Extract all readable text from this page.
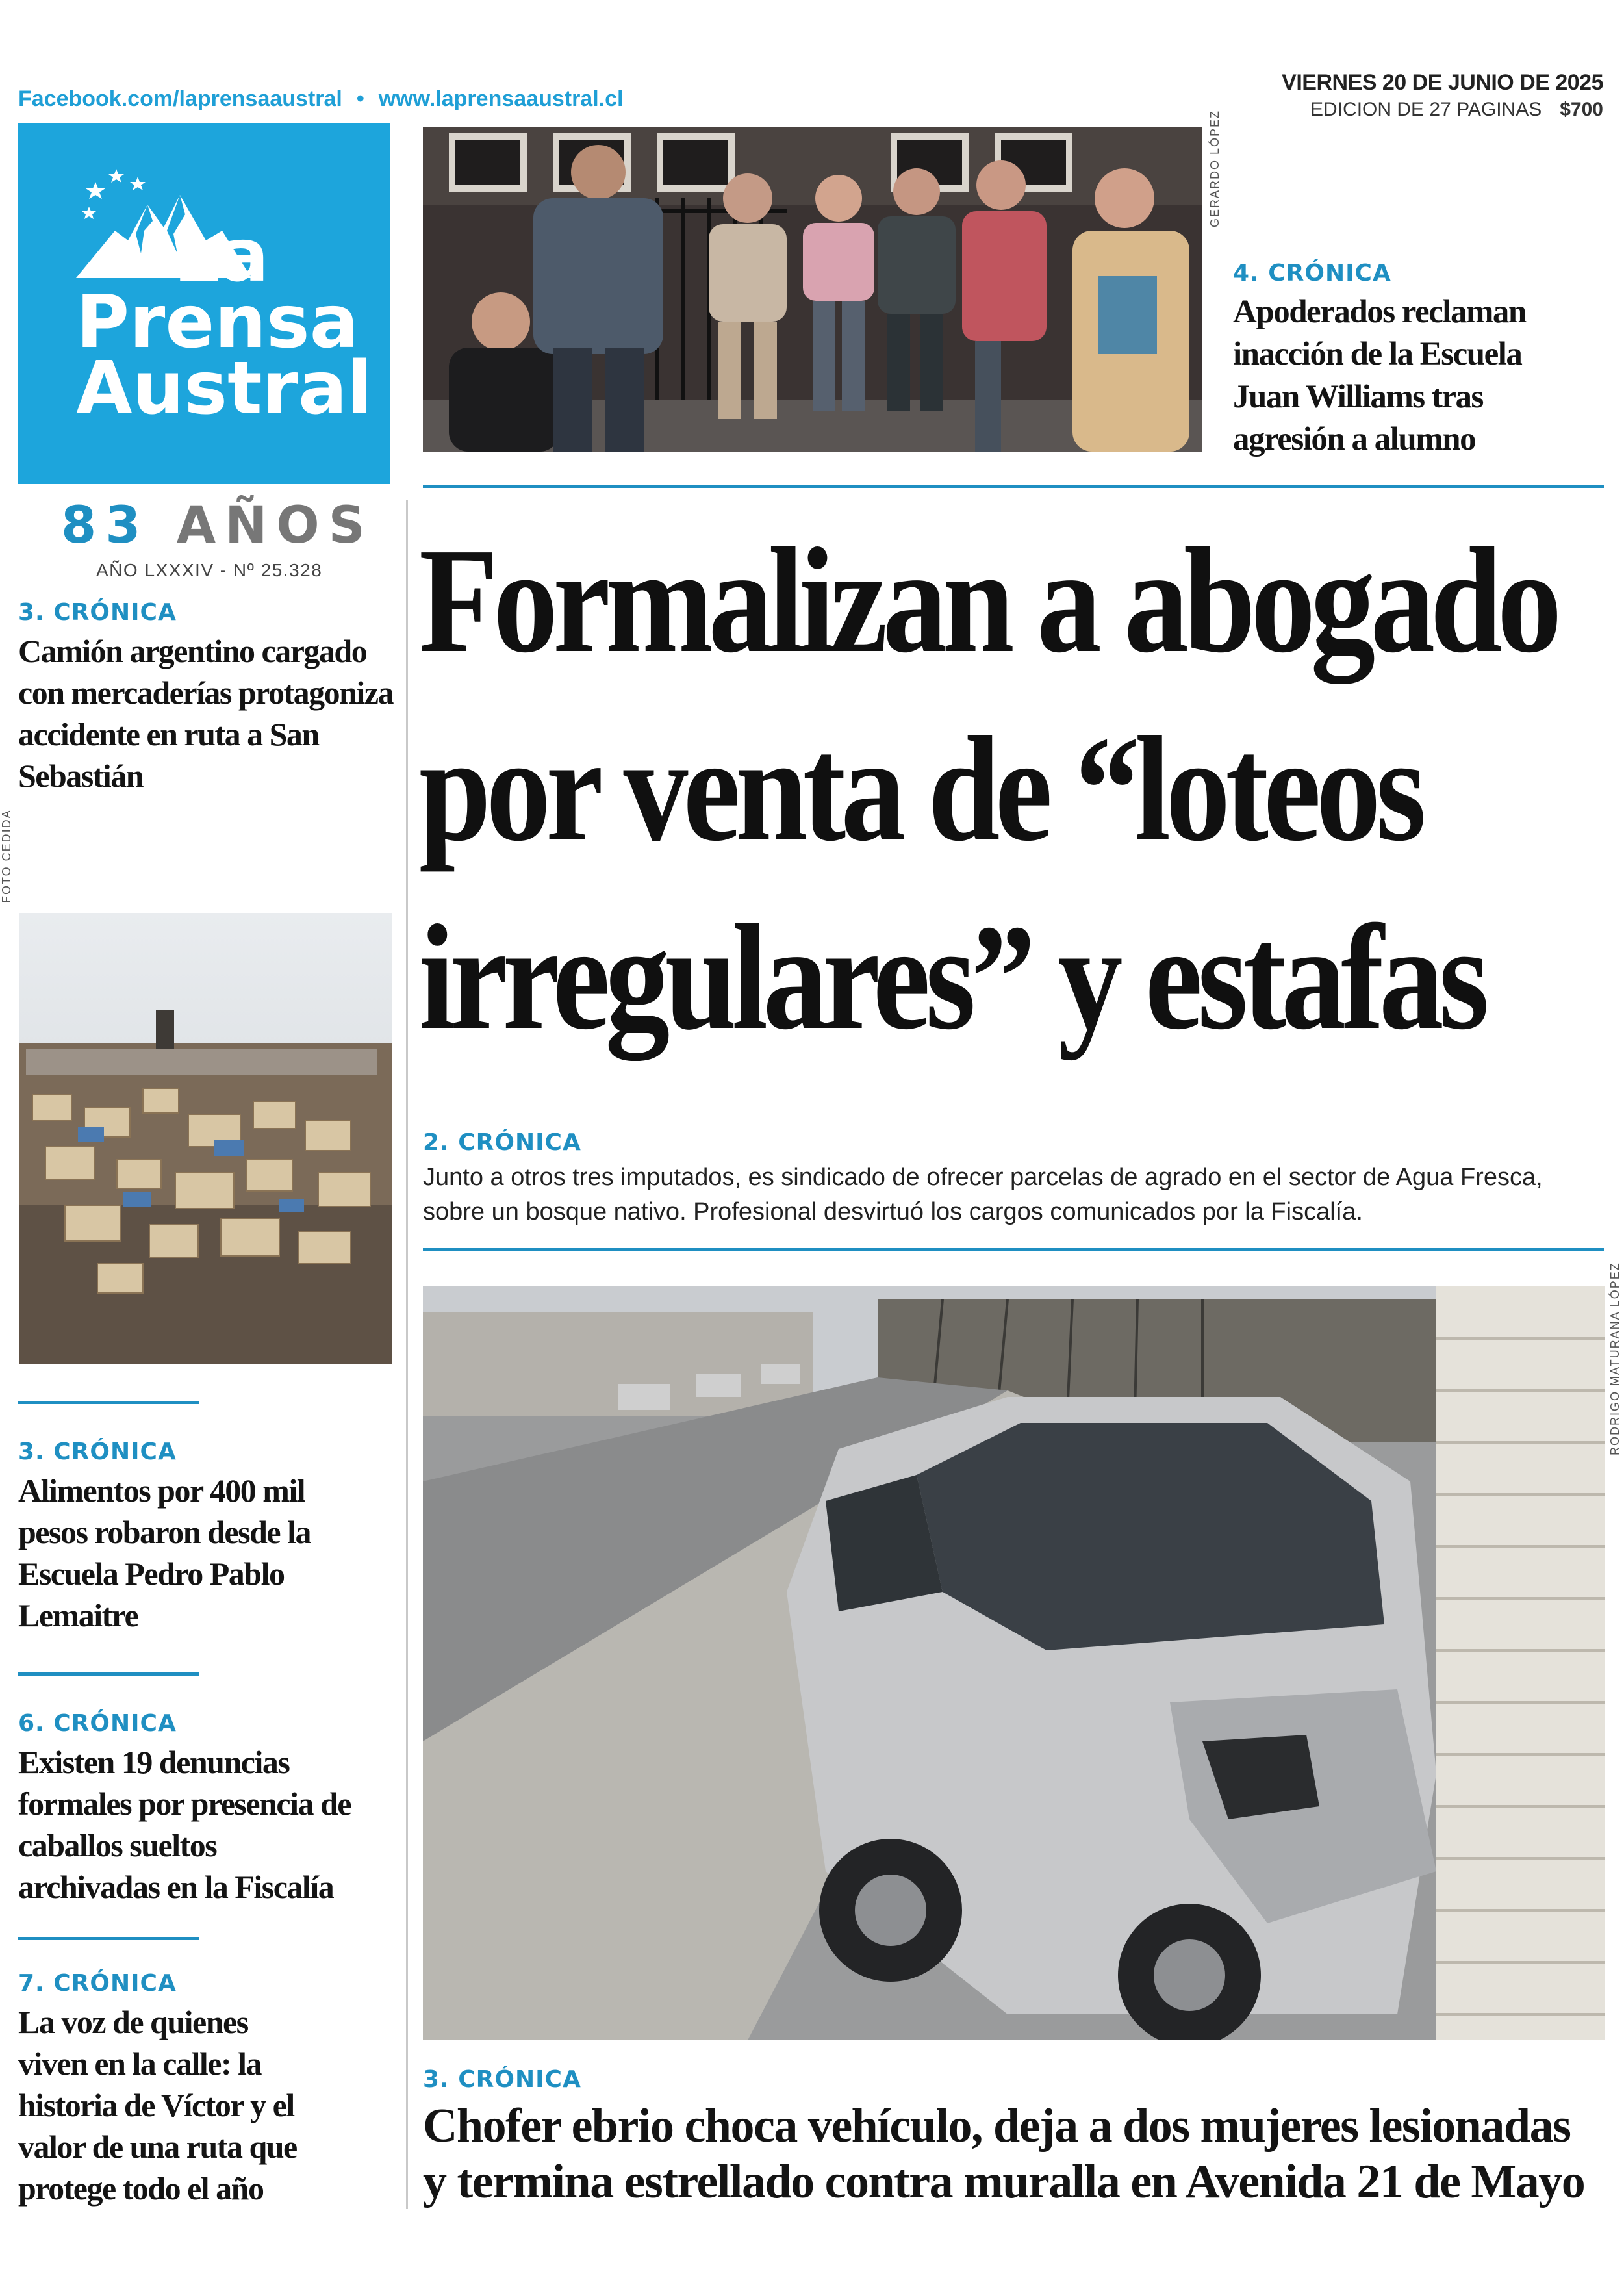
Facebook.com/laprensaaustral • www.laprensaaustral.cl
VIERNES 20 DE JUNIO DE 2025
EDICION DE 27 PAGINAS $700
La
Prensa
Austral
83 AÑOS
AÑO LXXXIV - Nº 25.328
3. CRÓNICA
Camión argentino cargado con mercaderías protagoniza accidente en ruta a San Sebastián
FOTO CEDIDA
3. CRÓNICA
Alimentos por 400 mil pesos robaron desde la Escuela Pedro Pablo Lemaitre
6. CRÓNICA
Existen 19 denuncias formales por presencia de caballos sueltos archivadas en la Fiscalía
7. CRÓNICA
La voz de quienes viven en la calle: la historia de Víctor y el valor de una ruta que protege todo el año
GERARDO LÓPEZ
4. CRÓNICA
Apoderados reclaman inacción de la Escuela Juan Williams tras agresión a alumno
Formalizan a abogado
por venta de “loteos
irregulares” y estafas
2. CRÓNICA
Junto a otros tres imputados, es sindicado de ofrecer parcelas de agrado en el sector de Agua Fresca, sobre un bosque nativo. Profesional desvirtuó los cargos comunicados por la Fiscalía.
RODRIGO MATURANA LÓPEZ
3. CRÓNICA
Chofer ebrio choca vehículo, deja a dos mujeres lesionadas
y termina estrellado contra muralla en Avenida 21 de Mayo
